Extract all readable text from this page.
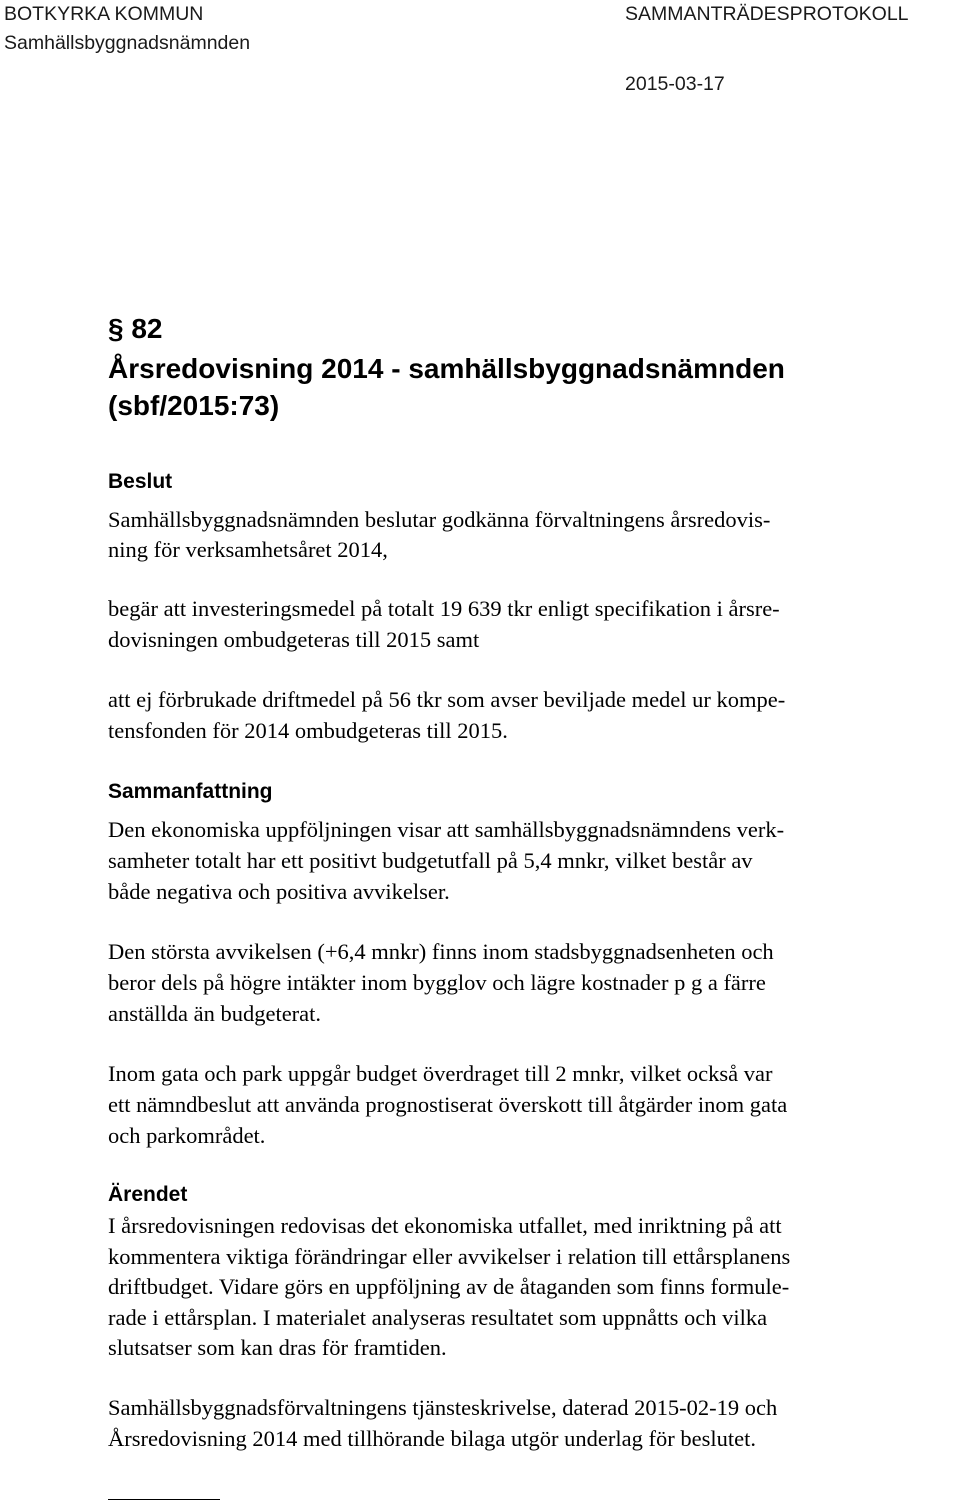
BOTKYRKA KOMMUN
Samhällsbyggnadsnämnden
SAMMANTRÄDESPROTOKOLL
2015-03-17
§ 82
Årsredovisning 2014 - samhällsbyggnadsnämnden
(sbf/2015:73)
Beslut
Samhällsbyggnadsnämnden beslutar godkänna förvaltningens årsredovis-
ning för verksamhetsåret 2014,
begär att investeringsmedel på totalt 19 639 tkr enligt specifikation i årsre-
dovisningen ombudgeteras till 2015 samt
att ej förbrukade driftmedel på 56 tkr som avser beviljade medel ur kompe-
tensfonden för 2014 ombudgeteras till 2015.
Sammanfattning
Den ekonomiska uppföljningen visar att samhällsbyggnadsnämndens verk-
samheter totalt har ett positivt budgetutfall på 5,4 mnkr, vilket består av
både negativa och positiva avvikelser.
Den största avvikelsen (+6,4 mnkr) finns inom stadsbyggnadsenheten och
beror dels på högre intäkter inom bygglov och lägre kostnader p g a färre
anställda än budgeterat.
Inom gata och park uppgår budget överdraget till 2 mnkr, vilket också var
ett nämndbeslut att använda prognostiserat överskott till åtgärder inom gata
och parkområdet.
Ärendet
I årsredovisningen redovisas det ekonomiska utfallet, med inriktning på att
kommentera viktiga förändringar eller avvikelser i relation till ettårsplanens
driftbudget. Vidare görs en uppföljning av de åtaganden som finns formule-
rade i ettårsplan. I materialet analyseras resultatet som uppnåtts och vilka
slutsatser som kan dras för framtiden.
Samhällsbyggnadsförvaltningens tjänsteskrivelse, daterad 2015-02-19 och
Årsredovisning 2014 med tillhörande bilaga utgör underlag för beslutet.
